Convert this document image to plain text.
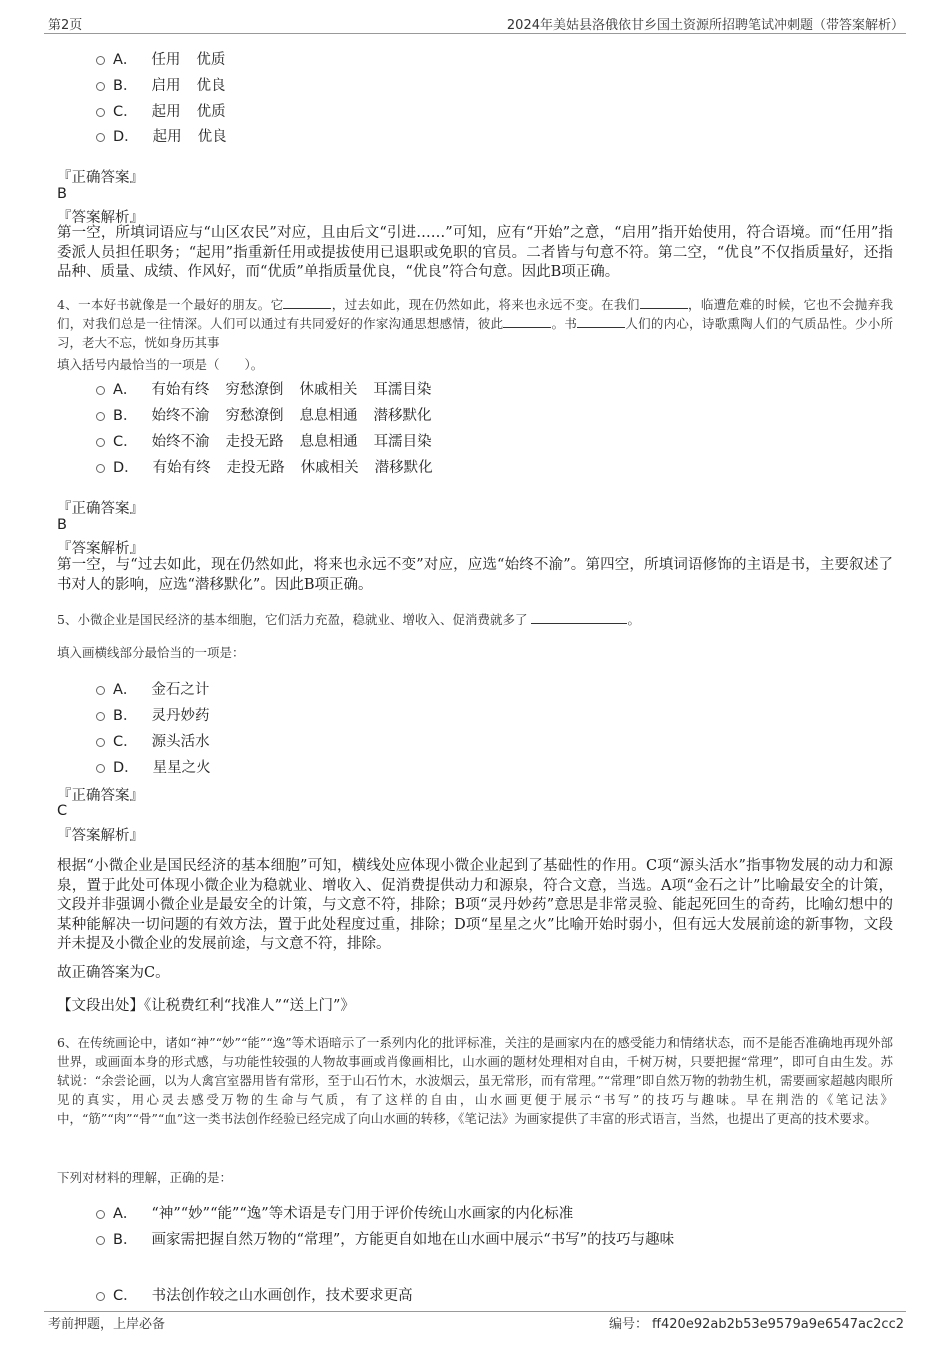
第2页	2024年美姑县洛俄依甘乡国土资源所招聘笔试冲刺题（带答案解析）
A． 任用 优质
B． 启用 优良
C． 起用 优质
D． 起用 优良
『正确答案』
B
『答案解析』
第一空，所填词语应与“山区农民”对应，且由后文“引进……”可知，应有“开始”之意，“启用”指开始使用，符合语境。而“任用”指委派人员担任职务；“起用”指重新任用或提拔使用已退职或免职的官员。二者皆与句意不符。第二空，“优良”不仅指质量好，还指品种、质量、成绩、作风好，而“优质”单指质量优良，“优良”符合句意。因此B项正确。
4、一本好书就像是一个最好的朋友。它	，过去如此，现在仍然如此，将来也永远不变。在我们	，临遭危难的时候，它也不会抛弃我们，对我们总是一往情深。人们可以通过有共同爱好的作家沟通思想感情，彼此	。书	人们的内心，诗歌熏陶人们的气质品性。少小所习，老大不忘，恍如身历其事
填入括号内最恰当的一项是（　　）。
A． 有始有终 穷愁潦倒 休戚相关 耳濡目染
B． 始终不渝 穷愁潦倒 息息相通 潜移默化
C． 始终不渝 走投无路 息息相通 耳濡目染
D． 有始有终 走投无路 休戚相关 潜移默化
『正确答案』
B
『答案解析』
第一空，与“过去如此，现在仍然如此，将来也永远不变”对应，应选“始终不渝”。第四空，所填词语修饰的主语是书，主要叙述了书对人的影响，应选“潜移默化”。因此B项正确。
5、小微企业是国民经济的基本细胞，它们活力充盈，稳就业、增收入、促消费就多了	。
填入画横线部分最恰当的一项是：
A． 金石之计
B． 灵丹妙药
C． 源头活水
D． 星星之火
『正确答案』
C
『答案解析』
根据“小微企业是国民经济的基本细胞”可知，横线处应体现小微企业起到了基础性的作用。C项“源头活水”指事物发展的动力和源泉，置于此处可体现小微企业为稳就业、增收入、促消费提供动力和源泉，符合文意，当选。A项“金石之计”比喻最安全的计策，文段并非强调小微企业是最安全的计策，与文意不符，排除；B项“灵丹妙药”意思是非常灵验、能起死回生的奇药，比喻幻想中的某种能解决一切问题的有效方法，置于此处程度过重，排除；D项“星星之火”比喻开始时弱小，但有远大发展前途的新事物，文段并未提及小微企业的发展前途，与文意不符，排除。
故正确答案为C。
【文段出处】《让税费红利“找准人”“送上门”》
6、在传统画论中，诸如“神”“妙”“能”“逸”等术语暗示了一系列内化的批评标准，关注的是画家内在的感受能力和情绪状态，而不是能否准确地再现外部世界，或画面本身的形式感，与功能性较强的人物故事画或肖像画相比，山水画的题材处理相对自由，千树万树，只要把握“常理”，即可自由生发。苏轼说：“余尝论画，以为人禽宫室器用皆有常形，至于山石竹木，水波烟云，虽无常形，而有常理。”“常理”即自然万物的勃勃生机，需要画家超越肉眼所见的真实，用心灵去感受万物的生命与气质，有了这样的自由，山水画更便于展示“书写”的技巧与趣味。早在荆浩的《笔记法》中，“筋”“肉”“骨”“血”这一类书法创作经验已经完成了向山水画的转移，《笔记法》为画家提供了丰富的形式语言，当然，也提出了更高的技术要求。
下列对材料的理解，正确的是：
A． “神”“妙”“能”“逸”等术语是专门用于评价传统山水画家的内化标准
B． 画家需把握自然万物的“常理”，方能更自如地在山水画中展示“书写”的技巧与趣味
C． 书法创作较之山水画创作，技术要求更高
考前押题，上岸必备	编号： ff420e92ab2b53e9579a9e6547ac2cc2
